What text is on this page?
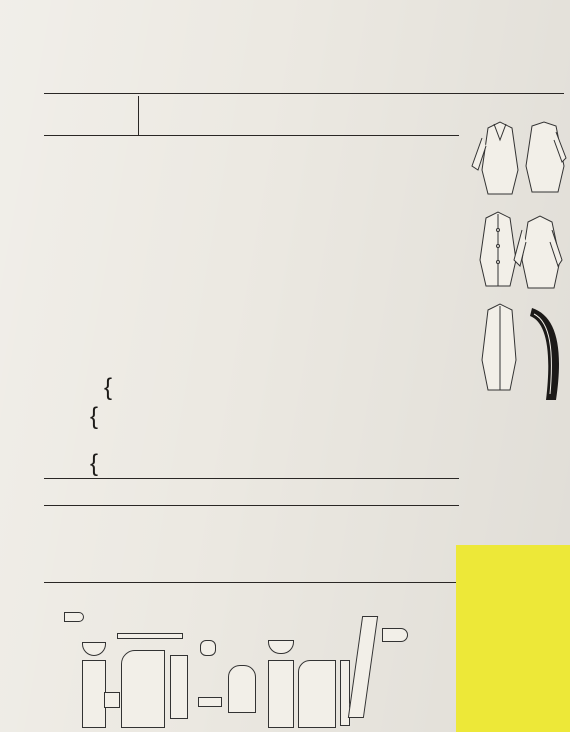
{
{
{
